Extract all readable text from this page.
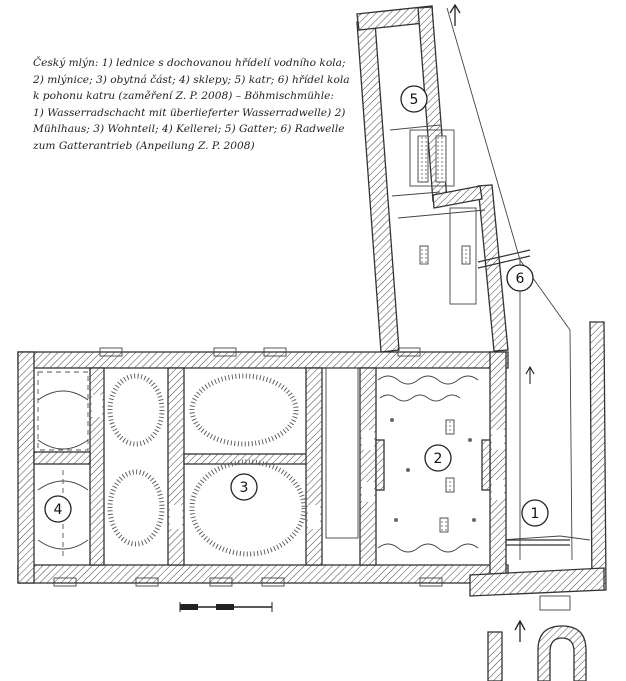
Český mlýn: 1) lednice s dochovanou hřídelí vodního kola;
2) mlýnice; 3) obytná část; 4) sklepy; 5) katr; 6) hřídel kola
k pohonu katru (zaměření Z. P. 2008) – Böhmischmühle:
1) Wasserradschacht mit überlieferter Wasserradwelle) 2)
Mühlhaus; 3) Wohnteil; 4) Kellerei; 5) Gatter; 6) Radwelle
zum Gatterantrieb (Anpeilung Z. P. 2008)
1
2
3
4
5
6
